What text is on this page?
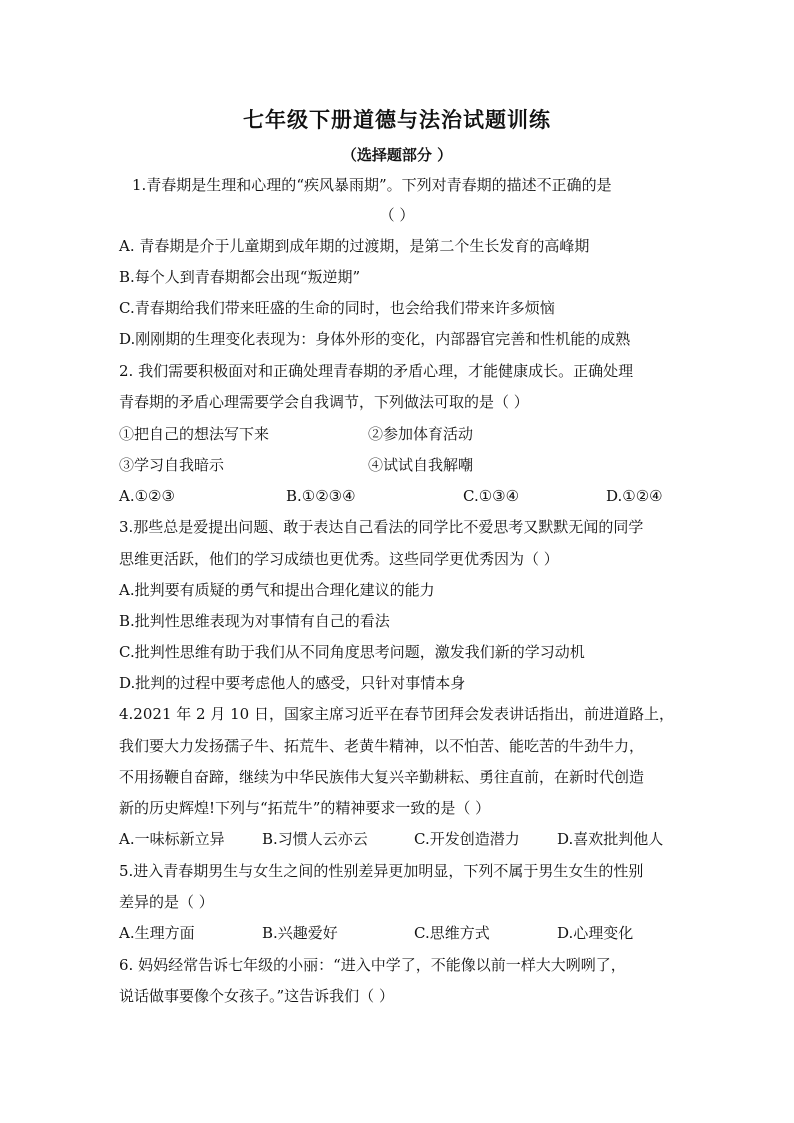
七年级下册道德与法治试题训练
（选择题部分 ）
1.青春期是生理和心理的“疾风暴雨期”。下列对青春期的描述不正确的是
（ ）
A. 青春期是介于儿童期到成年期的过渡期，是第二个生长发育的高峰期
B.每个人到青春期都会出现“叛逆期”
C.青春期给我们带来旺盛的生命的同时，也会给我们带来许多烦恼
D.刚刚期的生理变化表现为：身体外形的变化，内部器官完善和性机能的成熟
2. 我们需要积极面对和正确处理青春期的矛盾心理，才能健康成长。正确处理
青春期的矛盾心理需要学会自我调节，下列做法可取的是（ ）
①把自己的想法写下来	②参加体育活动
③学习自我暗示	④试试自我解嘲
A.①②③	B.①②③④	C.①③④	D.①②④
3.那些总是爱提出问题、敢于表达自己看法的同学比不爱思考又默默无闻的同学
思维更活跃，他们的学习成绩也更优秀。这些同学更优秀因为（ ）
A.批判要有质疑的勇气和提出合理化建议的能力
B.批判性思维表现为对事情有自己的看法
C.批判性思维有助于我们从不同角度思考问题，激发我们新的学习动机
D.批判的过程中要考虑他人的感受，只针对事情本身
4.2021 年 2 月 10 日，国家主席习近平在春节团拜会发表讲话指出，前进道路上，
我们要大力发扬孺子牛、拓荒牛、老黄牛精神，以不怕苦、能吃苦的牛劲牛力，
不用扬鞭自奋蹄，继续为中华民族伟大复兴辛勤耕耘、勇往直前，在新时代创造
新的历史辉煌!下列与“拓荒牛”的精神要求一致的是（ ）
A.一味标新立异 B.习惯人云亦云	C.开发创造潜力 D.喜欢批判他人
5.进入青春期男生与女生之间的性别差异更加明显，下列不属于男生女生的性别
差异的是（ ）
A.生理方面	B.兴趣爱好	C.思维方式	D.心理变化
6. 妈妈经常告诉七年级的小丽：“进入中学了，不能像以前一样大大咧咧了，
说话做事要像个女孩子。”这告诉我们（ ）
